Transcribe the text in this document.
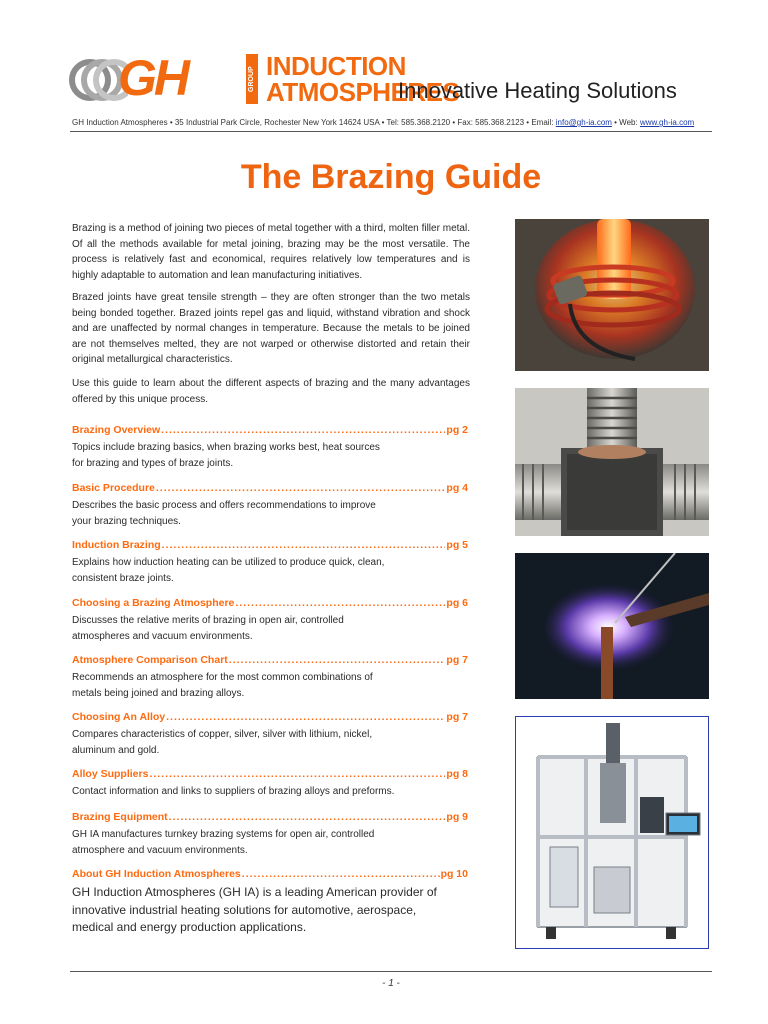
GH	GROUP INDUCTION
ATMOSPHERES
Innovative Heating Solutions
GH Induction Atmospheres • 35 Industrial Park Circle, Rochester New York 14624 USA • Tel: 585.368.2120 • Fax: 585.368.2123 • Email: info@gh-ia.com • Web: www.gh-ia.com
The Brazing Guide

Brazing is a method of joining two pieces of metal together with a third, molten filler metal. Of all the methods available for metal joining, brazing may be the most versatile. The process is relatively fast and economical, requires relatively low temperatures and is highly adaptable to automation and lean manufacturing initiatives.

Brazed joints have great tensile strength – they are often stronger than the two metals being bonded together. Brazed joints repel gas and liquid, withstand vibration and shock and are unaffected by normal changes in temperature. Because the metals to be joined are not themselves melted, they are not warped or otherwise distorted and retain their original metallurgical characteristics.

Use this guide to learn about the different aspects of brazing and the many advantages offered by this unique process.

Brazing Overview .....	pg 2
Topics include brazing basics, when brazing works best, heat sources for brazing and types of braze joints.
Basic Procedure .....	pg 4
Describes the basic process and offers recommendations to improve your brazing techniques.
Induction Brazing .....	pg 5
Explains how induction heating can be utilized to produce quick, clean, consistent braze joints.
Choosing a Brazing Atmosphere .....	pg 6
Discusses the relative merits of brazing in open air, controlled atmospheres and vacuum environments.
Atmosphere Comparison Chart .....	pg 7
Recommends an atmosphere for the most common combinations of metals being joined and brazing alloys.
Choosing An Alloy .....	pg 7
Compares characteristics of copper, silver, silver with lithium, nickel, aluminum and gold.
Alloy Suppliers .....	pg 8
Contact information and links to suppliers of brazing alloys and preforms.
Brazing Equipment .....	pg 9
GH IA manufactures turnkey brazing systems for open air, controlled atmosphere and vacuum environments.
About GH Induction Atmospheres .....	pg 10
GH Induction Atmospheres (GH IA) is a leading American provider of innovative industrial heating solutions for automotive, aerospace, medical and energy production applications.
- 1 -
